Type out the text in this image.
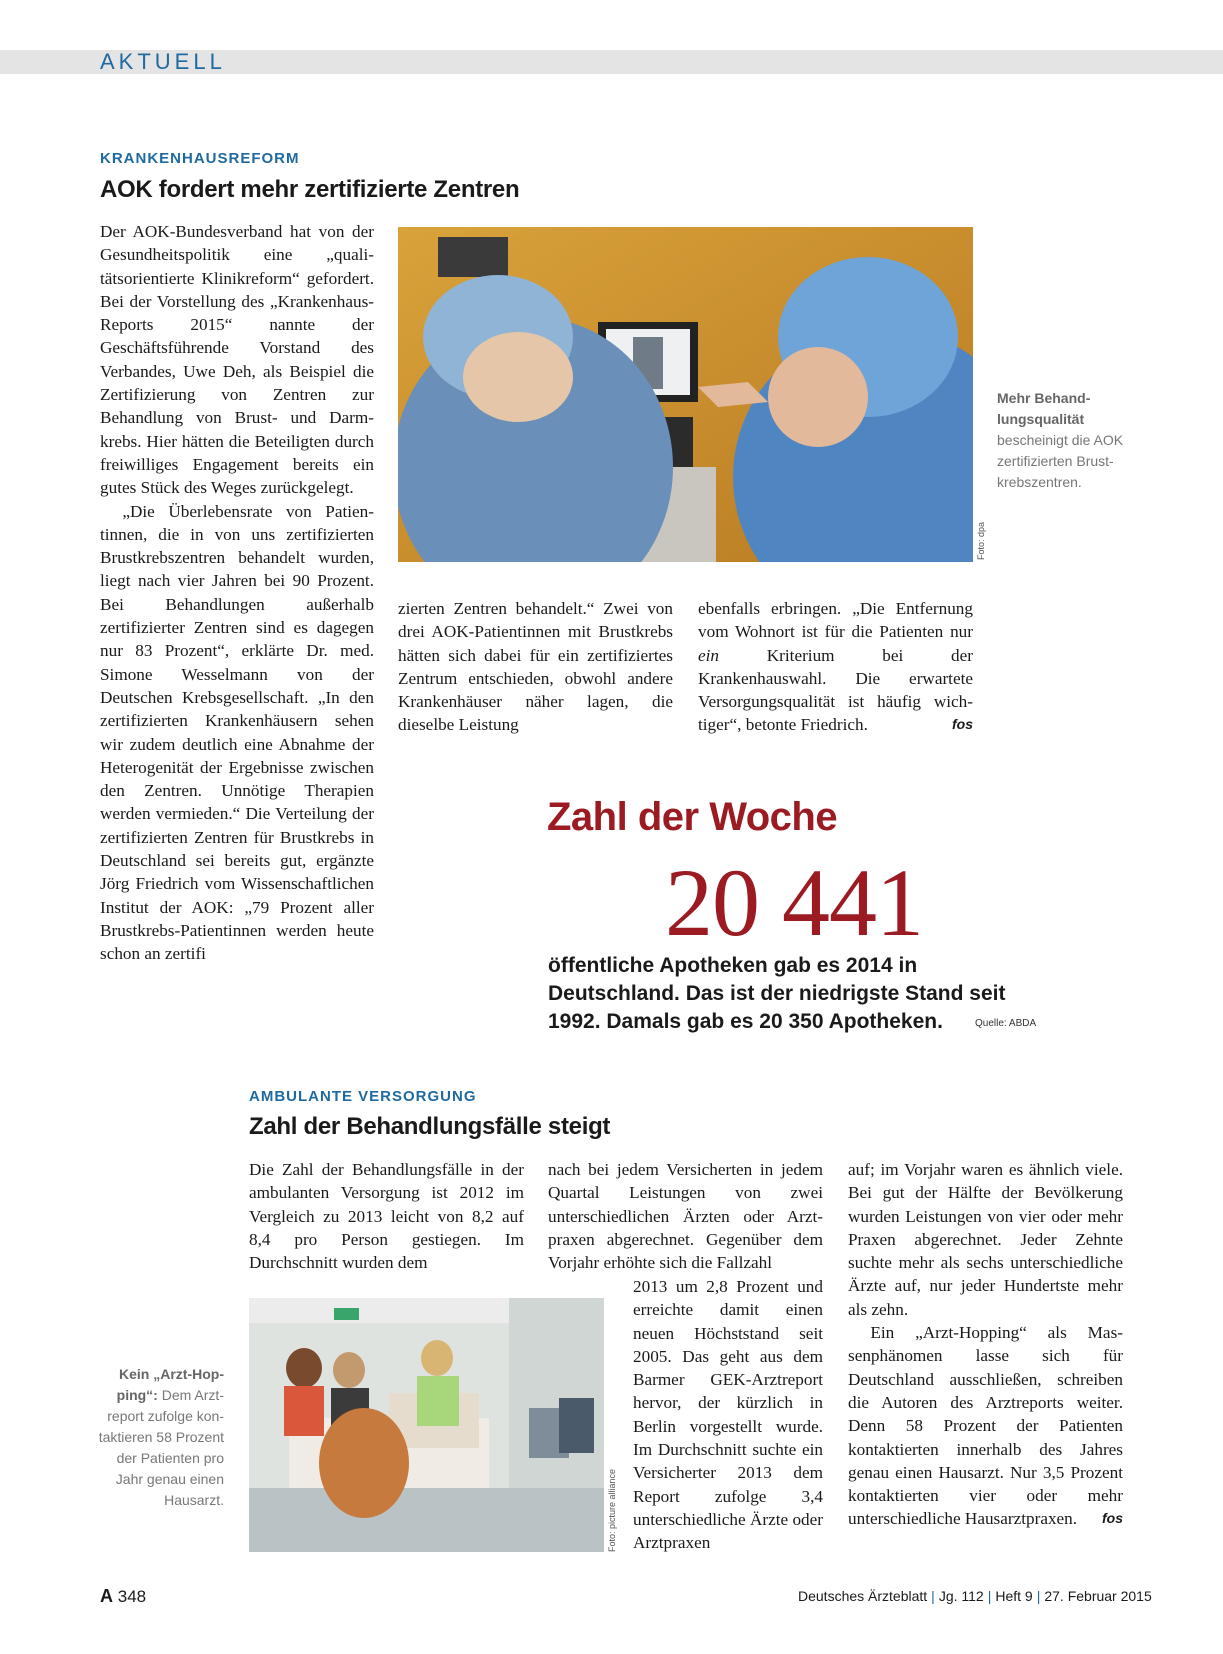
AKTUELL
KRANKENHAUSREFORM
AOK fordert mehr zertifizierte Zentren

Der AOK-Bundesverband hat von der Gesundheitspolitik eine „qualitätsorientierte Klinikreform“ gefordert. Bei der Vorstellung des „Krankenhaus-Reports 2015“ nannte der Geschäftsführende Vorstand des Verbandes, Uwe Deh, als Beispiel die Zertifizierung von Zentren zur Behandlung von Brust- und Darmkrebs. Hier hätten die Beteiligten durch freiwilliges Engagement bereits ein gutes Stück des Weges zurückgelegt.

„Die Überlebensrate von Patientinnen, die in von uns zertifizierten Brustkrebszentren behandelt wurden, liegt nach vier Jahren bei 90 Prozent. Bei Behandlungen außerhalb zertifizierter Zentren sind es dagegen nur 83 Prozent“, erklärte Dr. med. Simone Wesselmann von der Deutschen Krebsgesellschaft. „In den zertifizierten Krankenhäusern sehen wir zudem deutlich eine Abnahme der Heterogenität der Ergebnisse zwischen den Zentren. Unnötige Therapien werden vermieden.“ Die Verteilung der zertifizierten Zentren für Brustkrebs in Deutschland sei bereits gut, ergänzte Jörg Friedrich vom Wissenschaftlichen Institut der AOK: „79 Prozent aller Brustkrebs-Patientinnen werden heute schon an zertifi

Foto: dpa
Mehr Behandlungsqualität bescheinigt die AOK zertifizierten Brustkrebszentren.

zierten Zentren behandelt.“ Zwei von drei AOK-Patientinnen mit Brustkrebs hätten sich dabei für ein zertifiziertes Zentrum entschieden, obwohl andere Krankenhäuser näher lagen, die dieselbe Leistung

ebenfalls erbringen. „Die Entfernung vom Wohnort ist für die Patienten nur ein Kriterium bei der Krankenhauswahl. Die erwartete Versorgungsqualität ist häufig wichtiger“, betonte Friedrich.	fos

Zahl der Woche
20 441
öffentliche Apotheken gab es 2014 in Deutschland. Das ist der niedrigste Stand seit 1992. Damals gab es 20 350 Apotheken.	Quelle: ABDA
AMBULANTE VERSORGUNG
Zahl der Behandlungsfälle steigt

Die Zahl der Behandlungsfälle in der ambulanten Versorgung ist 2012 im Vergleich zu 2013 leicht von 8,2 auf 8,4 pro Person gestiegen. Im Durchschnitt wurden dem

Foto: picture alliance
Kein „Arzt-Hopping“: Dem Arztreport zufolge kontaktieren 58 Prozent der Patienten pro Jahr genau einen Hausarzt.

nach bei jedem Versicherten in jedem Quartal Leistungen von zwei unterschiedlichen Ärzten oder Arztpraxen abgerechnet. Gegenüber dem Vorjahr erhöhte sich die Fallzahl

2013 um 2,8 Prozent und erreichte damit einen neuen Höchststand seit 2005. Das geht aus dem Barmer GEK-Arztreport hervor, der kürzlich in Berlin vorgestellt wurde. Im Durchschnitt suchte ein Versicherter 2013 dem Report zufolge 3,4 unterschiedliche Ärzte oder Arztpraxen

auf; im Vorjahr waren es ähnlich viele. Bei gut der Hälfte der Bevölkerung wurden Leistungen von vier oder mehr Praxen abgerechnet. Jeder Zehnte suchte mehr als sechs unterschiedliche Ärzte auf, nur jeder Hundertste mehr als zehn.

Ein „Arzt-Hopping“ als Massenphänomen lasse sich für Deutschland ausschließen, schreiben die Autoren des Arztreports weiter. Denn 58 Prozent der Patienten kontaktierten innerhalb des Jahres genau einen Hausarzt. Nur 3,5 Prozent kontaktierten vier oder mehr unterschiedliche Hausarztpraxen.	fos

A 348	Deutsches Ärzteblatt | Jg. 112 | Heft 9 | 27. Februar 2015
